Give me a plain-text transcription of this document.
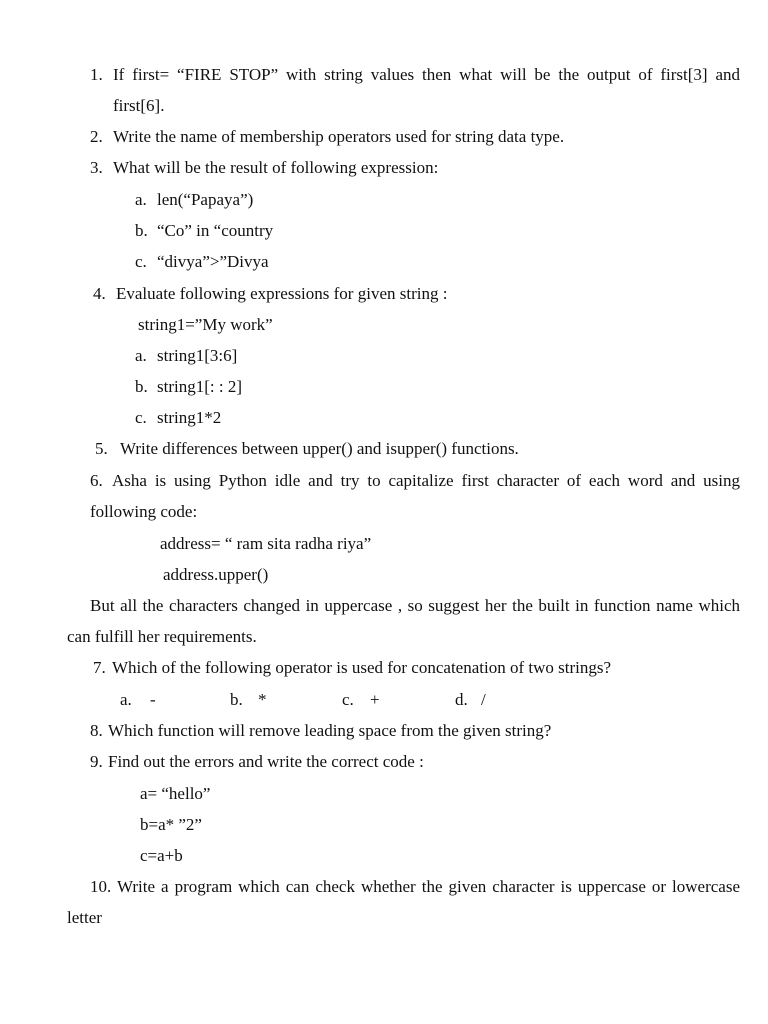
1. If first= “FIRE STOP” with string values then what will be the output of first[3] and
first[6].
2. Write the name of membership operators used for string data type.
3. What will be the result of following expression:
a. len(“Papaya”)
b. “Co” in “country
c. “divya”>”Divya
4. Evaluate following expressions for given string :
string1=”My work”
a. string1[3:6]
b. string1[: : 2]
c. string1*2
5. Write differences between upper() and isupper() functions.
6. Asha is using Python idle and try to capitalize first character of each word and using
following code:
address= “ ram sita radha riya”
address.upper()
But all the characters changed in uppercase , so suggest her the built in function name which
can fulfill her requirements.
7. Which of the following operator is used for concatenation of two strings?
a. -	b. *	c. +	d. /
8. Which function will remove leading space from the given string?
9. Find out the errors and write the correct code :
a= “hello”
b=a* ”2”
c=a+b
10. Write a program which can check whether the given character is uppercase or lowercase
letter
